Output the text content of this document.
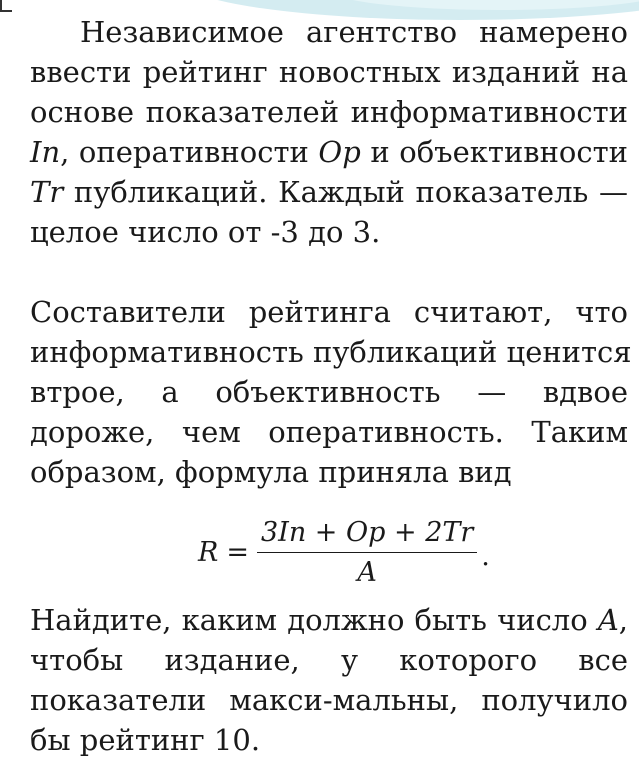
Независимое агентство намерено
ввести рейтинг новостных изданий на
основе показателей информативности
In, оперативности Op и объективности
Tr публикаций. Каждый показатель —
целое число от -3 до 3.
Составители рейтинга считают, что
информативность публикаций ценится
втрое, а объективность — вдвое
дороже, чем оперативность. Таким
образом, формула приняла вид
$R = \frac{3In + Op + 2Tr}{A}$ .
Найдите, каким должно быть число A,
чтобы издание, у которого все
показатели макси-мальны, получило
бы рейтинг 10.
